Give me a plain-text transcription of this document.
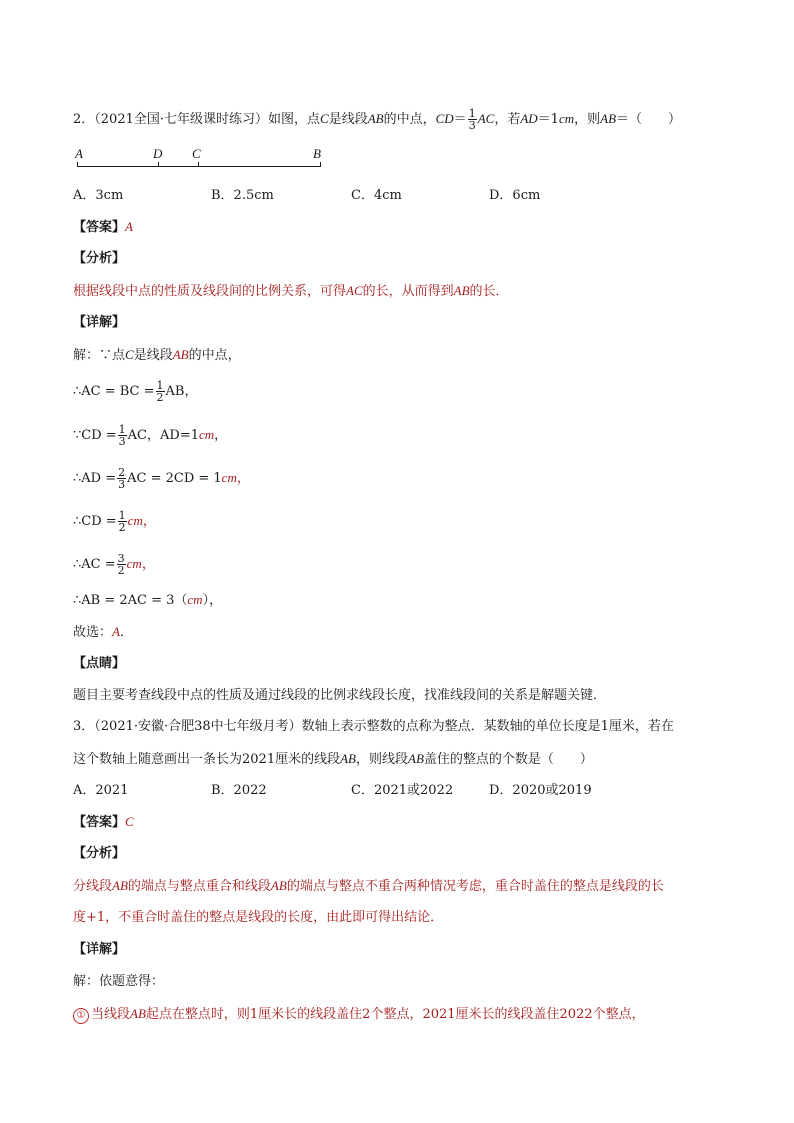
2．（2021全国·七年级课时练习）如图，点C是线段AB的中点，$CD= \frac{1}{3}$ AC，若AD＝1cm，则AB＝（　　）
A	D C	B
A．3cm	B．2.5cm	C．4cm	D．6cm
【答案】A
【分析】
根据线段中点的性质及线段间的比例关系，可得AC的长，从而得到AB的长．
【详解】
解：∵点C是线段AB的中点，
∴AC = BC = $\frac{1}{2}$ AB，
∵CD = $\frac{1}{3}$ AC，AD=1cm，
∴AD = $\frac{2}{3}$ AC = 2CD = 1cm，
∴CD = $\frac{1}{2}$ cm，
∴AC = $\frac{3}{2}$ cm，
∴AB = 2AC = 3（cm），
故选：A．
【点睛】
题目主要考查线段中点的性质及通过线段的比例求线段长度，找准线段间的关系是解题关键．
3．（2021·安徽·合肥38中七年级月考）数轴上表示整数的点称为整点．某数轴的单位长度是1厘米，若在
这个数轴上随意画出一条长为2021厘米的线段AB，则线段AB盖住的整点的个数是（　　）
A．2021	B．2022	C．2021或2022	D．2020或2019
【答案】C
【分析】
分线段AB的端点与整点重合和线段AB的端点与整点不重合两种情况考虑，重合时盖住的整点是线段的长
度+1，不重合时盖住的整点是线段的长度，由此即可得出结论．
【详解】
解：依题意得：
① 当线段AB起点在整点时，则1厘米长的线段盖住2个整点，2021厘米长的线段盖住2022个整点，
